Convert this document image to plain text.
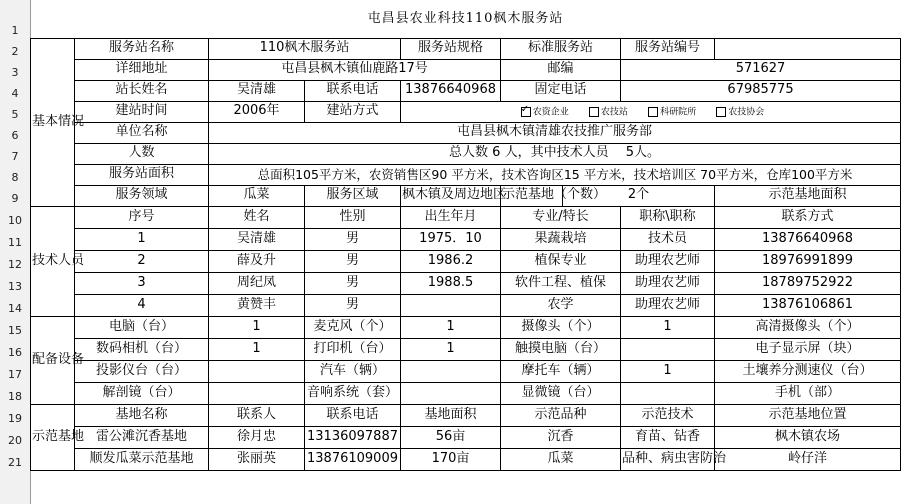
1
2
3
4
5
6
7
8
9
10
11
12
13
14
15
16
17
18
19
20
21
屯昌县农业科技110枫木服务站									
基本情况	服务站名称	110枫木服务站		服务站规格	标准服务站		服务站编号		
	详细地址	屯昌县枫木镇仙鹿路17号			邮编		571627		
	站长姓名	吴清雄	联系电话	13876640968	固定电话		67985775		
	建站时间	2006年	建站方式	✓农资企业 农技站 科研院所 农技协会
	单位名称	屯昌县枫木镇清雄农技推广服务部							
	人数	总人数 6 人，其中技术人员　 5人。							
	服务站面积	总面积105平方米，农资销售区90 平方米，技术咨询区15 平方米，技术培训区 70平方米，仓库100平方米							
	服务领域	瓜菜	服务区域	枫木镇及周边地区	示范基地（个数）	2个		示范基地面积	
技术人员	序号	姓名	性别	出生年月	专业/特长		职称\职称	联系方式	
	1	吴清雄	男	1975．10	果蔬栽培		技术员	13876640968	
	2	薛及升	男	1986.2	植保专业		助理农艺师	18976991899	
	3	周纪凤	男	1988.5	软件工程、植保		助理农艺师	18789752922	
	4	黄赞丰	男		农学		助理农艺师	13876106861	
配备设备	电脑（台）	1	麦克风（个）	1	摄像头（个）		1	高清摄像头（个）	
	数码相机（台）	1	打印机（台）	1	触摸电脑（台）			电子显示屏（块）	
	投影仪台（台）		汽车（辆）		摩托车（辆）		1	土壤养分测速仪（台）	
	解剖镜（台）		音响系统（套）		显微镜（台）			手机（部）	
示范基地	基地名称	联系人	联系电话	基地面积	示范品种		示范技术	示范基地位置	
	雷公滩沉香基地	徐月忠	13136097887	56亩	沉香		育苗、钻香	枫木镇农场	
	顺发瓜菜示范基地	张丽英	13876109009	170亩	瓜菜		品种、病虫害防治	岭仔洋	
